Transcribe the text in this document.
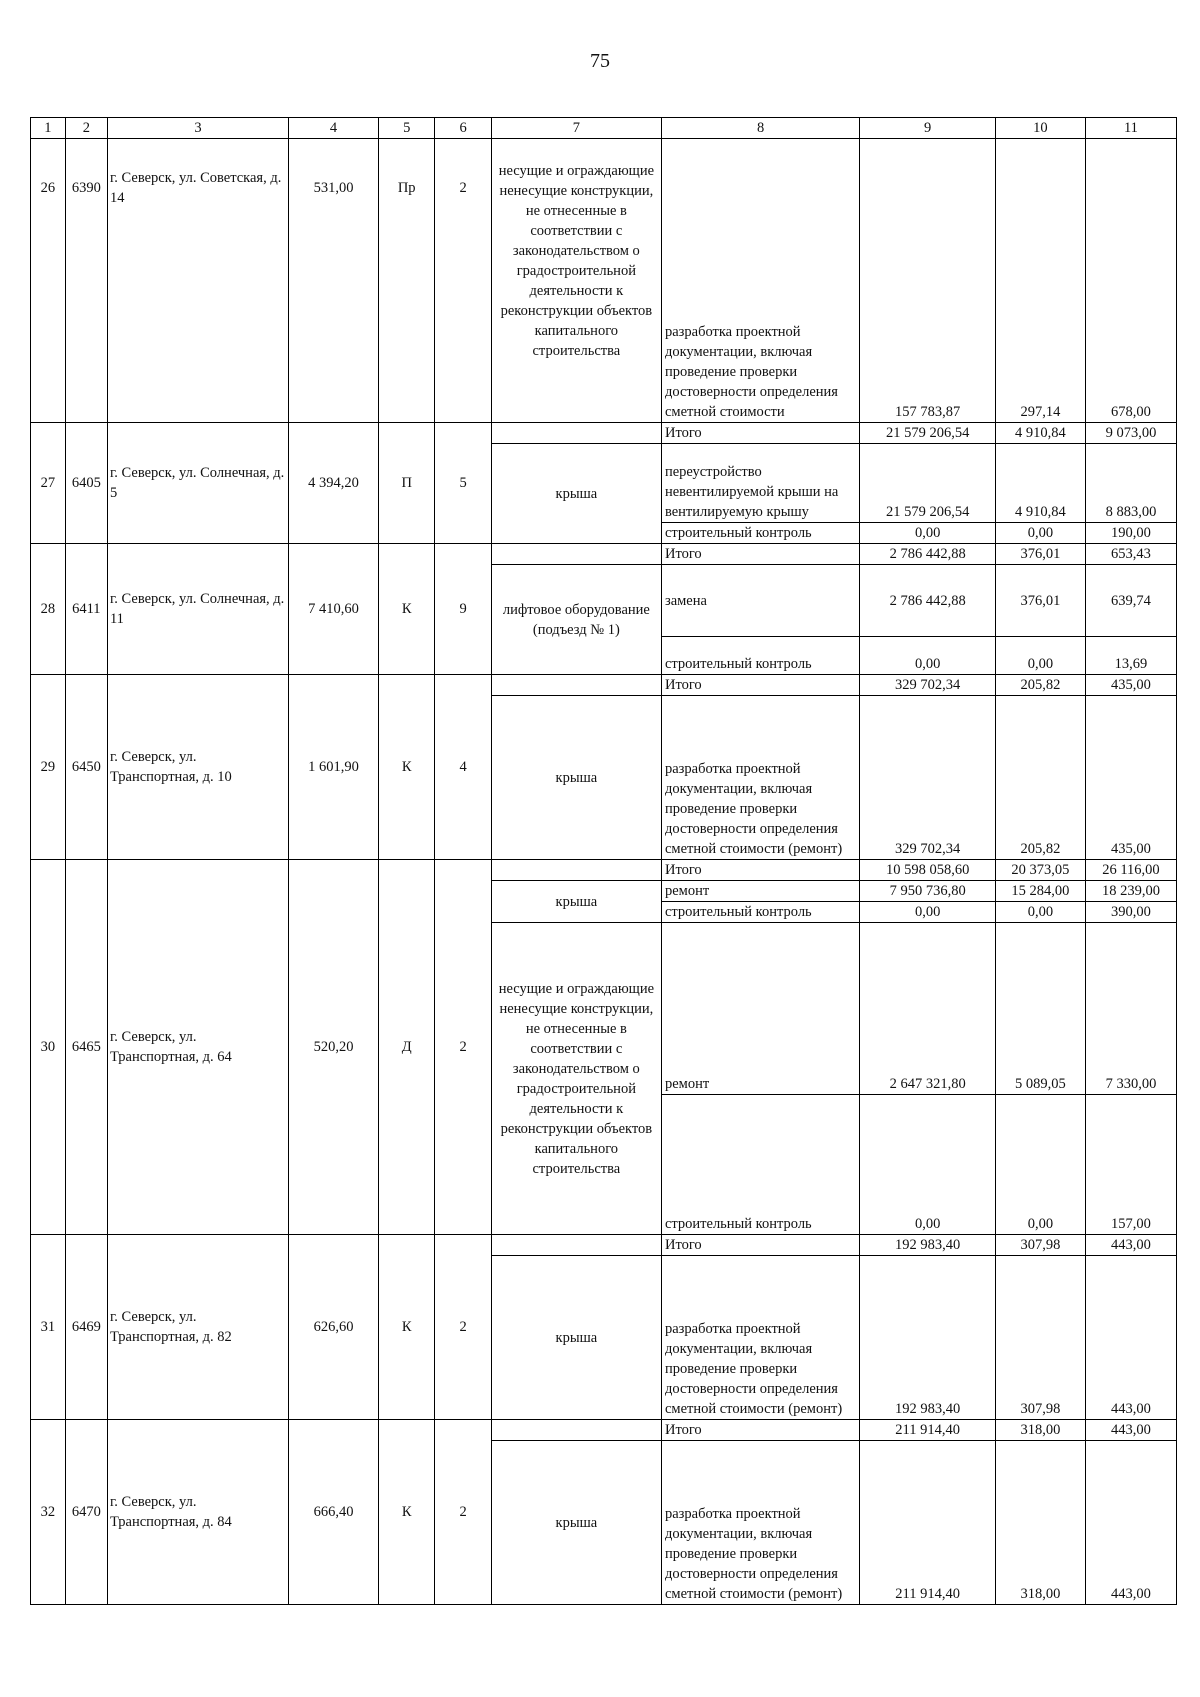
75
1	2	3	4	5	6	7	8	9	10	11
26	6390	г. Северск, ул. Советская, д. 14	531,00	Пр	2	несущие и ограждающие ненесущие конструкции, не отнесенные в соответствии с законодательством о градостроительной деятельности к реконструкции объектов капитального строительства	разработка проектной документации, включая проведение проверки достоверности определения сметной стоимости	157 783,87	297,14	678,00
27	6405	г. Северск, ул. Солнечная, д. 5	4 394,20	П	5		Итого	21 579 206,54	4 910,84	9 073,00
						крыша	переустройство невентилируемой крыши на вентилируемую крышу	21 579 206,54	4 910,84	8 883,00
							строительный контроль	0,00	0,00	190,00
28	6411	г. Северск, ул. Солнечная, д. 11	7 410,60	К	9		Итого	2 786 442,88	376,01	653,43
						лифтовое оборудование (подъезд № 1)	замена	2 786 442,88	376,01	639,74
							строительный контроль	0,00	0,00	13,69
29	6450	г. Северск, ул. Транспортная, д. 10	1 601,90	К	4		Итого	329 702,34	205,82	435,00
						крыша	разработка проектной документации, включая проведение проверки достоверности определения сметной стоимости (ремонт)	329 702,34	205,82	435,00
30	6465	г. Северск, ул. Транспортная, д. 64	520,20	Д	2		Итого	10 598 058,60	20 373,05	26 116,00
						крыша	ремонт	7 950 736,80	15 284,00	18 239,00
							строительный контроль	0,00	0,00	390,00
						несущие и ограждающие ненесущие конструкции, не отнесенные в соответствии с законодательством о градостроительной деятельности к реконструкции объектов капитального строительства	ремонт	2 647 321,80	5 089,05	7 330,00
							строительный контроль	0,00	0,00	157,00
31	6469	г. Северск, ул. Транспортная, д. 82	626,60	К	2		Итого	192 983,40	307,98	443,00
						крыша	разработка проектной документации, включая проведение проверки достоверности определения сметной стоимости (ремонт)	192 983,40	307,98	443,00
32	6470	г. Северск, ул. Транспортная, д. 84	666,40	К	2		Итого	211 914,40	318,00	443,00
						крыша	разработка проектной документации, включая проведение проверки достоверности определения сметной стоимости (ремонт)	211 914,40	318,00	443,00
